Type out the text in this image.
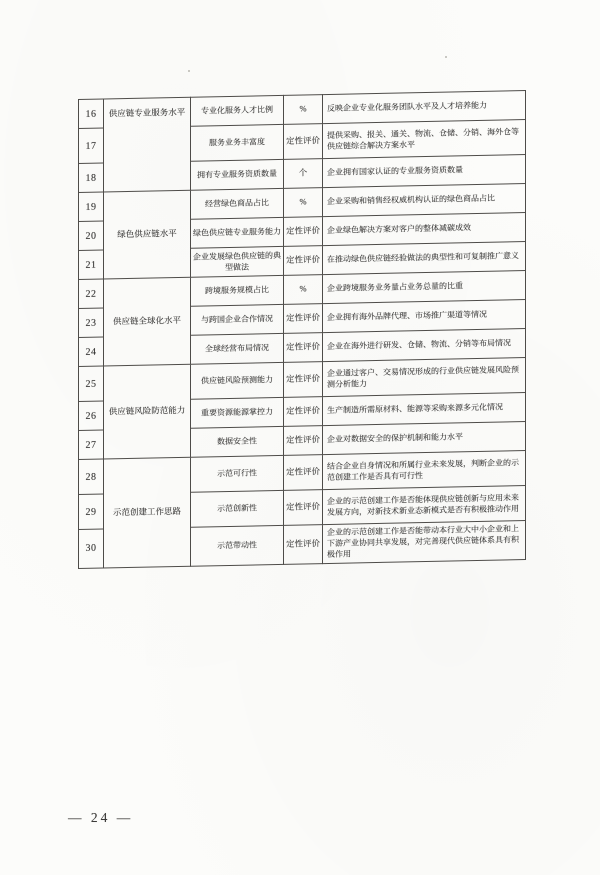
16	供应链专业服务水平	专业化服务人才比例	%	反映企业专业化服务团队水平及人才培养能力
17		服务业务丰富度	定性评价	提供采购、报关、通关、物流、仓储、分销、海外仓等供应链综合解决方案水平
18		拥有专业服务资质数量	个	企业拥有国家认证的专业服务资质数量
19	绿色供应链水平	经营绿色商品占比	%	企业采购和销售经权威机构认证的绿色商品占比
20		绿色供应链专业服务能力	定性评价	企业绿色解决方案对客户的整体减碳成效
21		企业发展绿色供应链的典型做法	定性评价	在推动绿色供应链经验做法的典型性和可复制推广意义
22	供应链全球化水平	跨境服务规模占比	%	企业跨境服务业务量占业务总量的比重
23		与跨国企业合作情况	定性评价	企业拥有海外品牌代理、市场推广渠道等情况
24		全球经营布局情况	定性评价	企业在海外进行研发、仓储、物流、分销等布局情况
25	供应链风险防范能力	供应链风险预测能力	定性评价	企业通过客户、交易情况形成的行业供应链发展风险预测分析能力
26		重要资源能源掌控力	定性评价	生产制造所需原材料、能源等采购来源多元化情况
27		数据安全性	定性评价	企业对数据安全的保护机制和能力水平
28	示范创建工作思路	示范可行性	定性评价	结合企业自身情况和所属行业未来发展，判断企业的示范创建工作是否具有可行性
29		示范创新性	定性评价	企业的示范创建工作是否能体现供应链创新与应用未来发展方向，对新技术新业态新模式是否有积极推动作用
30		示范带动性	定性评价	企业的示范创建工作是否能带动本行业大中小企业和上下游产业协同共享发展，对完善现代供应链体系具有积极作用
— 24 —
